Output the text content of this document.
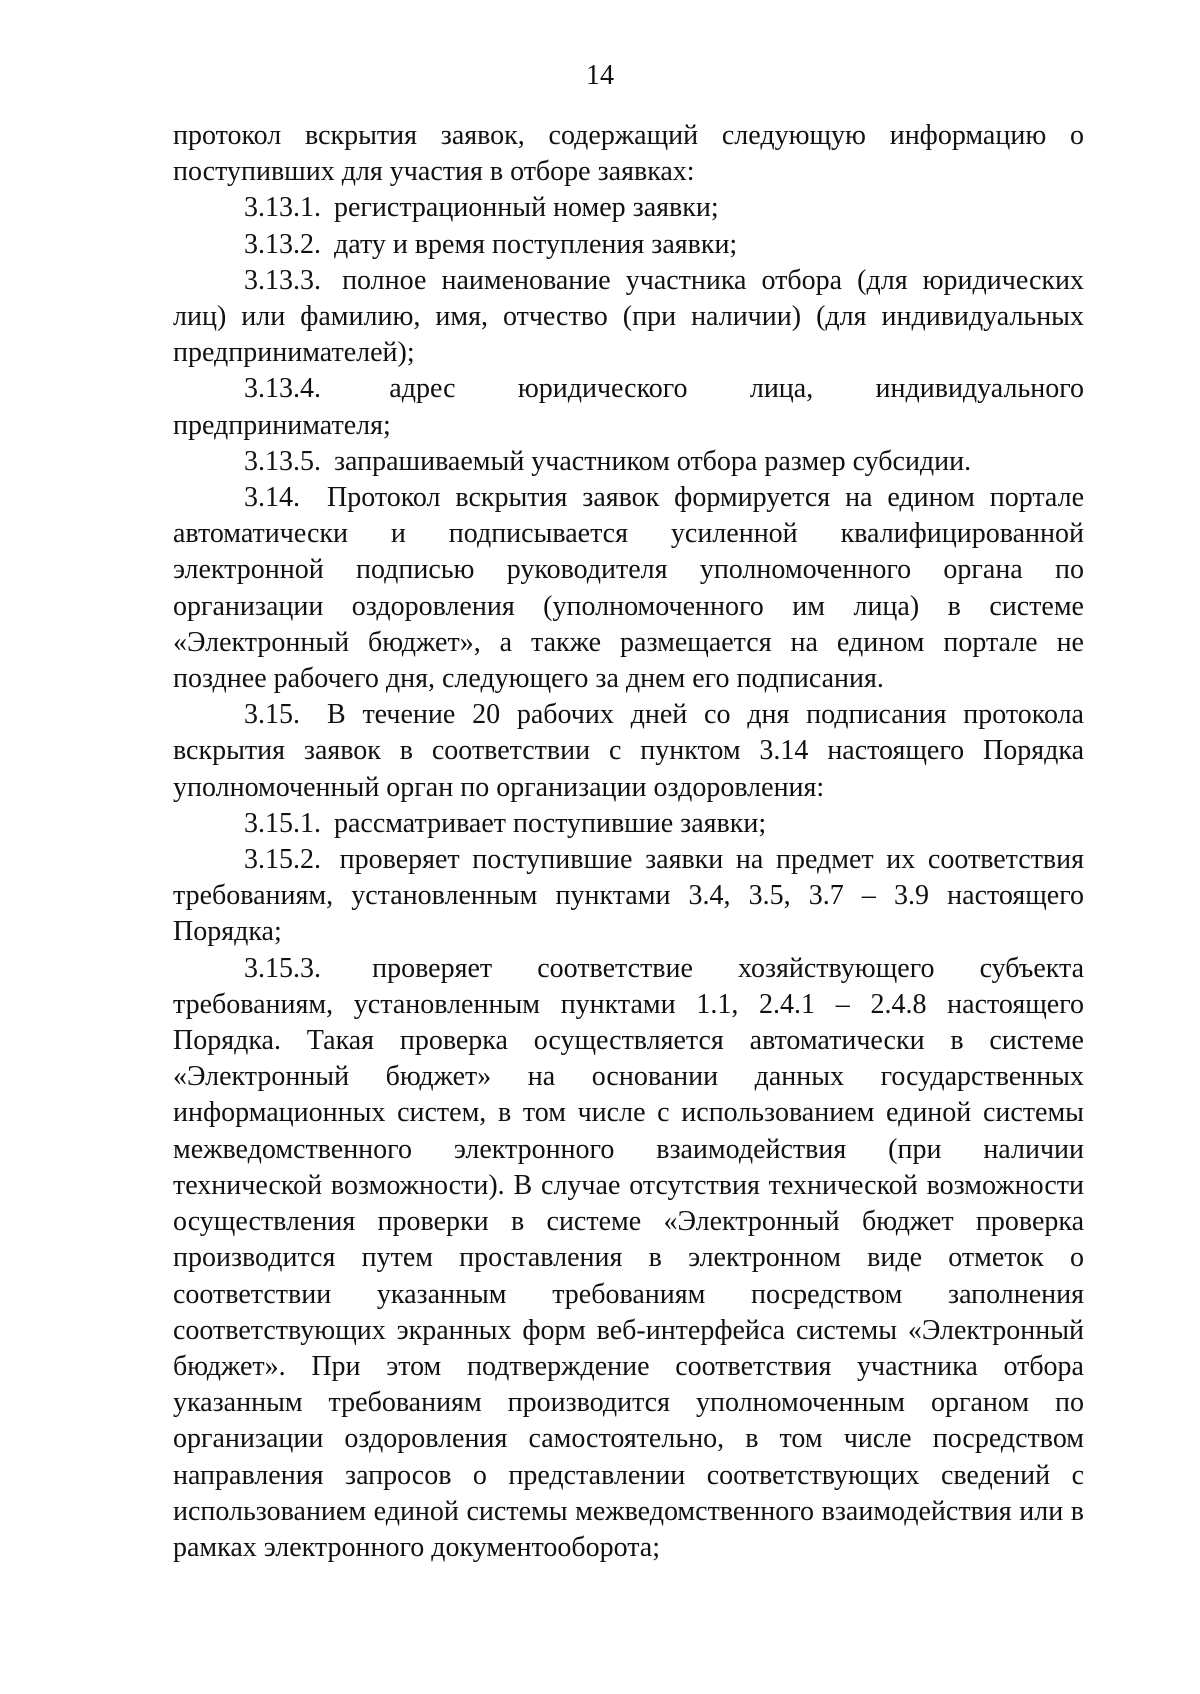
14

протокол вскрытия заявок, содержащий следующую информацию о поступивших для участия в отборе заявках:

3.13.1. регистрационный номер заявки;

3.13.2. дату и время поступления заявки;

3.13.3. полное наименование участника отбора (для юридических лиц) или фамилию, имя, отчество (при наличии) (для индивидуальных предпринимателей);

3.13.4. адрес юридического лица, индивидуального предпринимателя;

3.13.5. запрашиваемый участником отбора размер субсидии.

3.14. Протокол вскрытия заявок формируется на едином портале автоматически и подписывается усиленной квалифицированной электронной подписью руководителя уполномоченного органа по организации оздоровления (уполномоченного им лица) в системе «Электронный бюджет», а также размещается на едином портале не позднее рабочего дня, следующего за днем его подписания.

3.15. В течение 20 рабочих дней со дня подписания протокола вскрытия заявок в соответствии с пунктом 3.14 настоящего Порядка уполномоченный орган по организации оздоровления:

3.15.1. рассматривает поступившие заявки;

3.15.2. проверяет поступившие заявки на предмет их соответствия требованиям, установленным пунктами 3.4, 3.5, 3.7 – 3.9 настоящего Порядка;

3.15.3. проверяет соответствие хозяйствующего субъекта требованиям, установленным пунктами 1.1, 2.4.1 – 2.4.8 настоящего Порядка. Такая проверка осуществляется автоматически в системе «Электронный бюджет» на основании данных государственных информационных систем, в том числе с использованием единой системы межведомственного электронного взаимодействия (при наличии технической возможности). В случае отсутствия технической возможности осуществления проверки в системе «Электронный бюджет проверка производится путем проставления в электронном виде отметок о соответствии указанным требованиям посредством заполнения соответствующих экранных форм веб-интерфейса системы «Электронный бюджет». При этом подтверждение соответствия участника отбора указанным требованиям производится уполномоченным органом по организации оздоровления самостоятельно, в том числе посредством направления запросов о представлении соответствующих сведений с использованием единой системы межведомственного взаимодействия или в рамках электронного документооборота;
